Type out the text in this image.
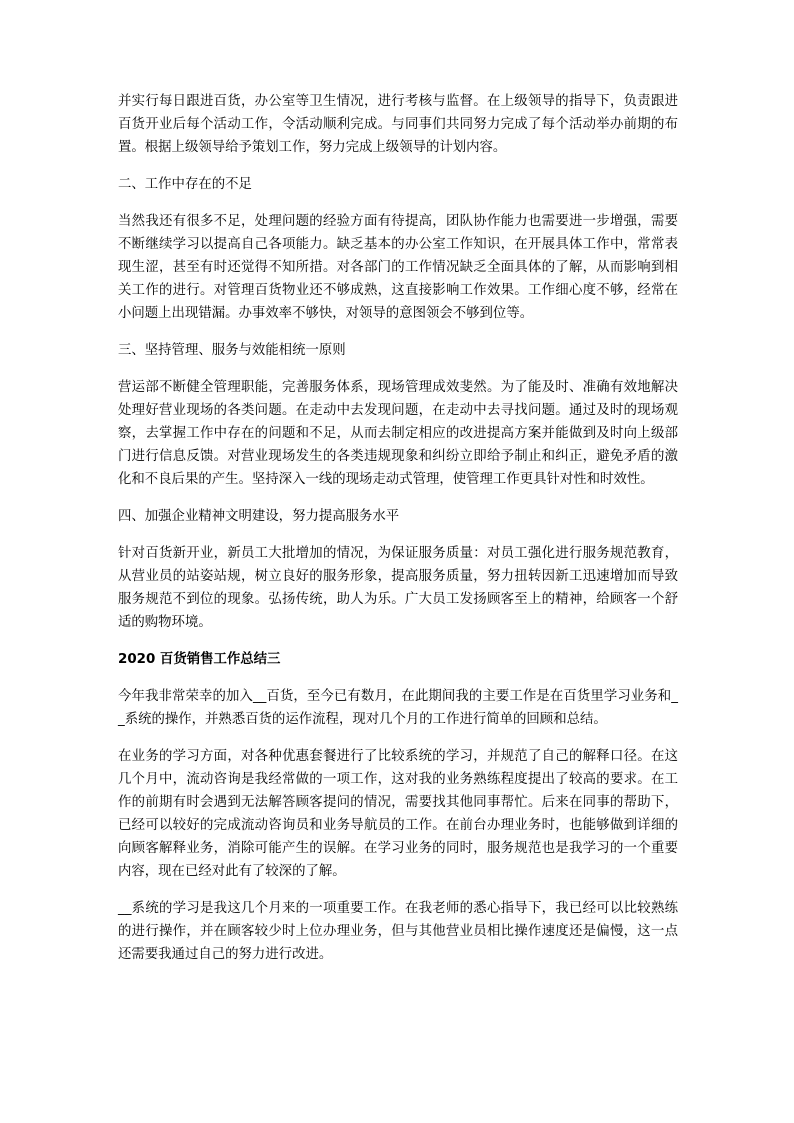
并实行每日跟进百货，办公室等卫生情况，进行考核与监督。在上级领导的指导下，负责跟进百货开业后每个活动工作，令活动顺利完成。与同事们共同努力完成了每个活动举办前期的布置。根据上级领导给予策划工作，努力完成上级领导的计划内容。

二、工作中存在的不足

当然我还有很多不足，处理问题的经验方面有待提高，团队协作能力也需要进一步增强，需要不断继续学习以提高自己各项能力。缺乏基本的办公室工作知识，在开展具体工作中，常常表现生涩，甚至有时还觉得不知所措。对各部门的工作情况缺乏全面具体的了解，从而影响到相关工作的进行。对管理百货物业还不够成熟，这直接影响工作效果。工作细心度不够，经常在小问题上出现错漏。办事效率不够快，对领导的意图领会不够到位等。

三、坚持管理、服务与效能相统一原则

营运部不断健全管理职能，完善服务体系，现场管理成效斐然。为了能及时、准确有效地解决处理好营业现场的各类问题。在走动中去发现问题，在走动中去寻找问题。通过及时的现场观察，去掌握工作中存在的问题和不足，从而去制定相应的改进提高方案并能做到及时向上级部门进行信息反馈。对营业现场发生的各类违规现象和纠纷立即给予制止和纠正，避免矛盾的激化和不良后果的产生。坚持深入一线的现场走动式管理，使管理工作更具针对性和时效性。

四、加强企业精神文明建设，努力提高服务水平

针对百货新开业，新员工大批增加的情况，为保证服务质量：对员工强化进行服务规范教育，从营业员的站姿站规，树立良好的服务形象，提高服务质量，努力扭转因新工迅速增加而导致服务规范不到位的现象。弘扬传统，助人为乐。广大员工发扬顾客至上的精神，给顾客一个舒适的购物环境。

2020 百货销售工作总结三

今年我非常荣幸的加入__百货，至今已有数月，在此期间我的主要工作是在百货里学习业务和__系统的操作，并熟悉百货的运作流程，现对几个月的工作进行简单的回顾和总结。

在业务的学习方面，对各种优惠套餐进行了比较系统的学习，并规范了自己的解释口径。在这几个月中，流动咨询是我经常做的一项工作，这对我的业务熟练程度提出了较高的要求。在工作的前期有时会遇到无法解答顾客提问的情况，需要找其他同事帮忙。后来在同事的帮助下，已经可以较好的完成流动咨询员和业务导航员的工作。在前台办理业务时，也能够做到详细的向顾客解释业务，消除可能产生的误解。在学习业务的同时，服务规范也是我学习的一个重要内容，现在已经对此有了较深的了解。

__系统的学习是我这几个月来的一项重要工作。在我老师的悉心指导下，我已经可以比较熟练的进行操作，并在顾客较少时上位办理业务，但与其他营业员相比操作速度还是偏慢，这一点还需要我通过自己的努力进行改进。
